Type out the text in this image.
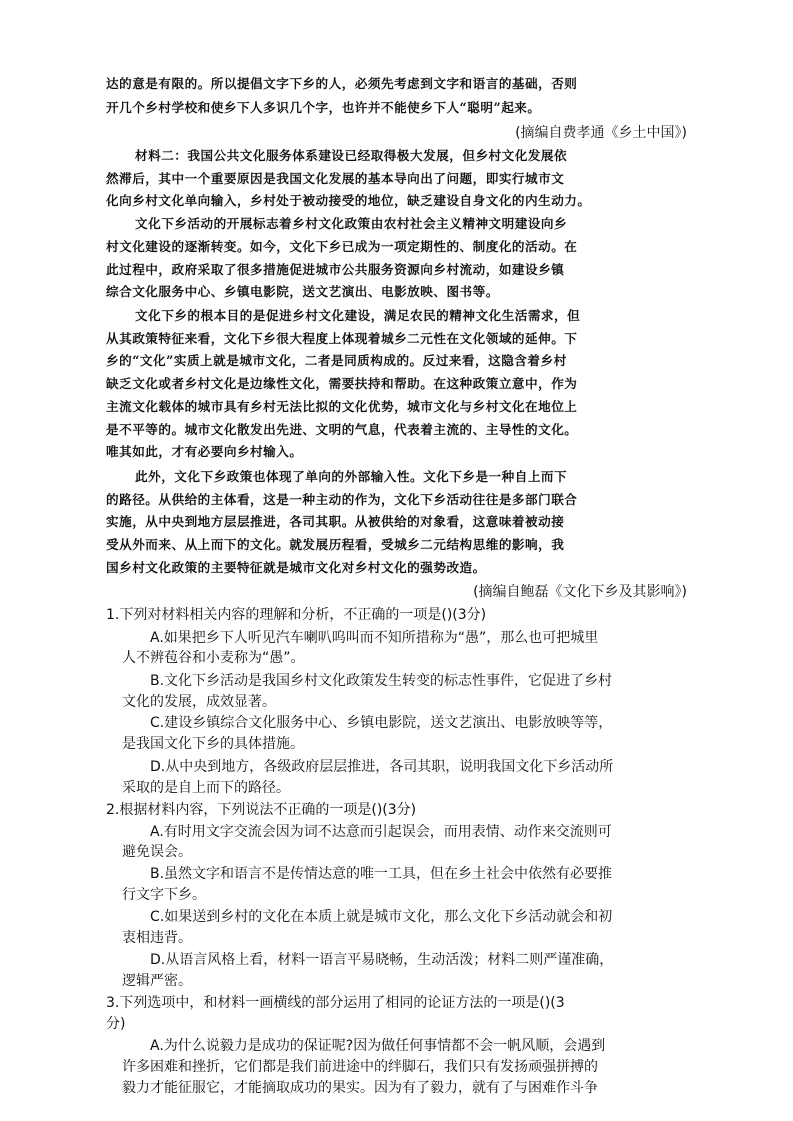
达的意是有限的。所以提倡文字下乡的人，必须先考虑到文字和语言的基础，否则
开几个乡村学校和使乡下人多识几个字，也许并不能使乡下人“聪明”起来。
(摘编自费孝通《乡土中国》)
材料二：我国公共文化服务体系建设已经取得极大发展，但乡村文化发展依
然滞后，其中一个重要原因是我国文化发展的基本导向出了问题，即实行城市文
化向乡村文化单向输入，乡村处于被动接受的地位，缺乏建设自身文化的内生动力。
文化下乡活动的开展标志着乡村文化政策由农村社会主义精神文明建设向乡
村文化建设的逐渐转变。如今，文化下乡已成为一项定期性的、制度化的活动。在
此过程中，政府采取了很多措施促进城市公共服务资源向乡村流动，如建设乡镇
综合文化服务中心、乡镇电影院，送文艺演出、电影放映、图书等。
文化下乡的根本目的是促进乡村文化建设，满足农民的精神文化生活需求，但
从其政策特征来看，文化下乡很大程度上体现着城乡二元性在文化领域的延伸。下
乡的“文化”实质上就是城市文化，二者是同质构成的。反过来看，这隐含着乡村
缺乏文化或者乡村文化是边缘性文化，需要扶持和帮助。在这种政策立意中，作为
主流文化载体的城市具有乡村无法比拟的文化优势，城市文化与乡村文化在地位上
是不平等的。城市文化散发出先进、文明的气息，代表着主流的、主导性的文化。
唯其如此，才有必要向乡村输入。
此外，文化下乡政策也体现了单向的外部输入性。文化下乡是一种自上而下
的路径。从供给的主体看，这是一种主动的作为，文化下乡活动往往是多部门联合
实施，从中央到地方层层推进，各司其职。从被供给的对象看，这意味着被动接
受从外而来、从上而下的文化。就发展历程看，受城乡二元结构思维的影响，我
国乡村文化政策的主要特征就是城市文化对乡村文化的强势改造。
(摘编自鲍磊《文化下乡及其影响》)
1.下列对材料相关内容的理解和分析，不正确的一项是()(3分)
A.如果把乡下人听见汽车喇叭呜叫而不知所措称为“愚”，那么也可把城里
人不辨苞谷和小麦称为“愚”。
B.文化下乡活动是我国乡村文化政策发生转变的标志性事件，它促进了乡村
文化的发展，成效显著。
C.建设乡镇综合文化服务中心、乡镇电影院，送文艺演出、电影放映等等，
是我国文化下乡的具体措施。
D.从中央到地方，各级政府层层推进，各司其职，说明我国文化下乡活动所
采取的是自上而下的路径。
2.根据材料内容，下列说法不正确的一项是()(3分)
A.有时用文字交流会因为词不达意而引起误会，而用表情、动作来交流则可
避免误会。
B.虽然文字和语言不是传情达意的唯一工具，但在乡土社会中依然有必要推
行文字下乡。
C.如果送到乡村的文化在本质上就是城市文化，那么文化下乡活动就会和初
衷相违背。
D.从语言风格上看，材料一语言平易晓畅，生动活泼；材料二则严谨准确，
逻辑严密。
3.下列选项中，和材料一画横线的部分运用了相同的论证方法的一项是()(3
分)
A.为什么说毅力是成功的保证呢?因为做任何事情都不会一帆风顺，会遇到
许多困难和挫折，它们都是我们前进途中的绊脚石，我们只有发扬顽强拼搏的
毅力才能征服它，才能摘取成功的果实。因为有了毅力，就有了与困难作斗争
